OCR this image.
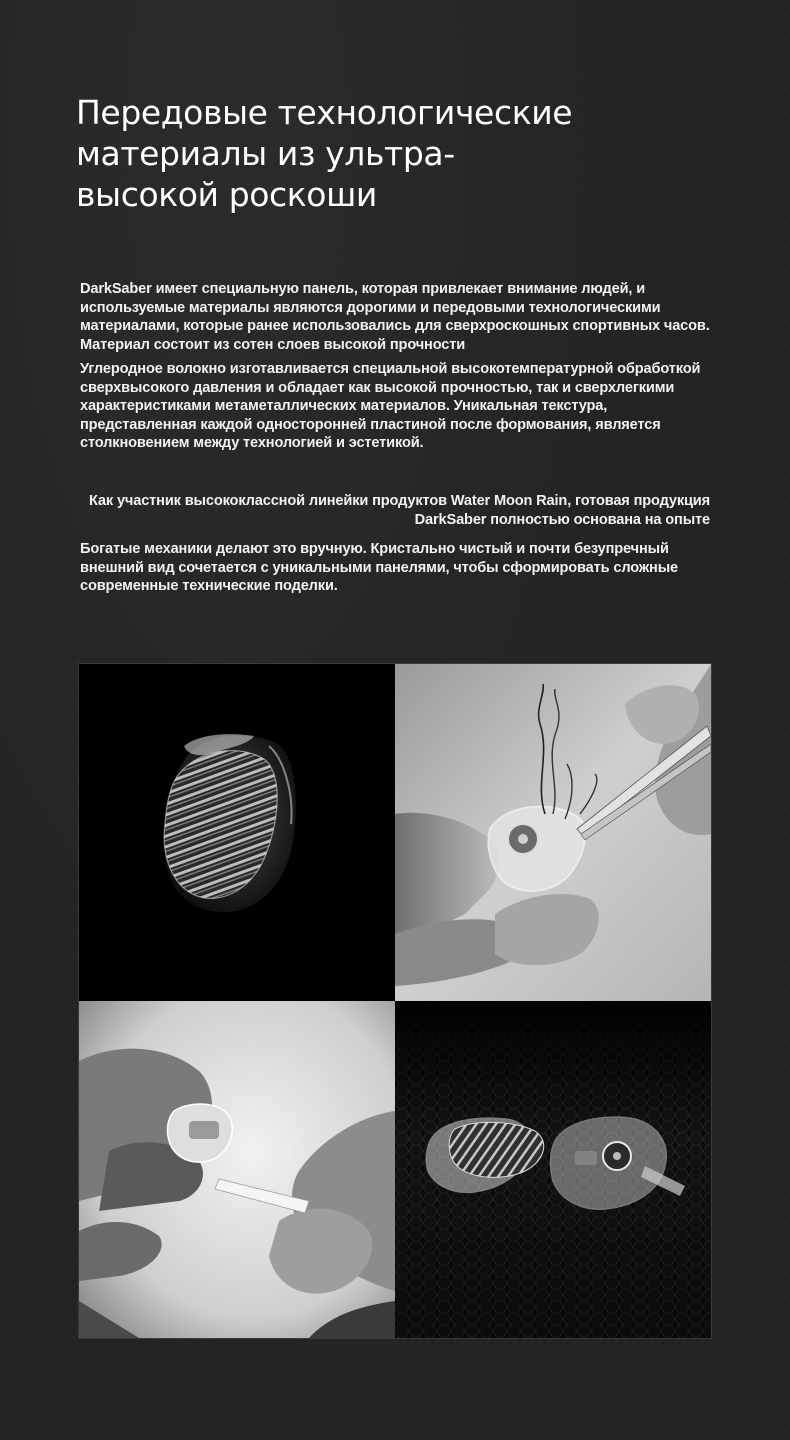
Передовые технологические материалы из ультра-высокой роскоши

DarkSaber имеет специальную панель, которая привлекает внимание людей, и используемые материалы являются дорогими и передовыми технологическими материалами, которые ранее использовались для сверхроскошных спортивных часов. Материал состоит из сотен слоев высокой прочности

Углеродное волокно изготавливается специальной высокотемпературной обработкой сверхвысокого давления и обладает как высокой прочностью, так и сверхлегкими характеристиками метаметаллических материалов. Уникальная текстура, представленная каждой односторонней пластиной после формования, является столкновением между технологией и эстетикой.

Как участник высококлассной линейки продуктов Water Moon Rain, готовая продукция DarkSaber полностью основана на опыте

Богатые механики делают это вручную. Кристально чистый и почти безупречный внешний вид сочетается с уникальными панелями, чтобы сформировать сложные современные технические поделки.
